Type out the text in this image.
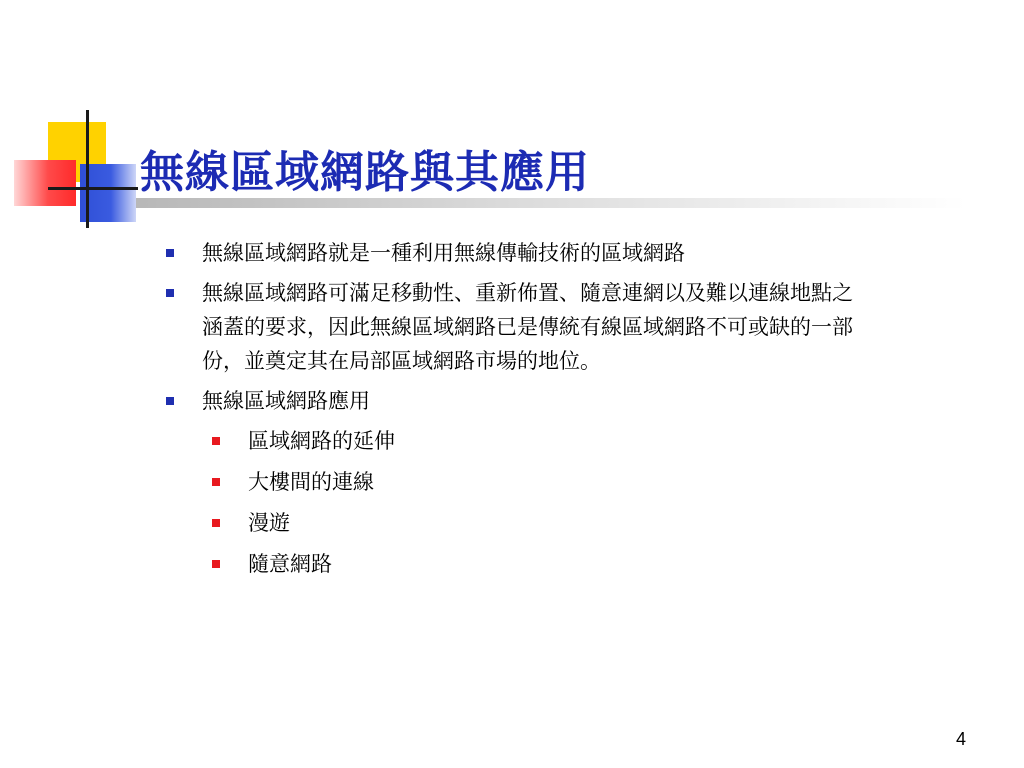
無線區域網路與其應用
無線區域網路就是一種利用無線傳輸技術的區域網路
無線區域網路可滿足移動性、重新佈置、隨意連網以及難以連線地點之涵蓋的要求，因此無線區域網路已是傳統有線區域網路不可或缺的一部份，並奠定其在局部區域網路市場的地位。
無線區域網路應用
區域網路的延伸
大樓間的連線
漫遊
隨意網路
4
